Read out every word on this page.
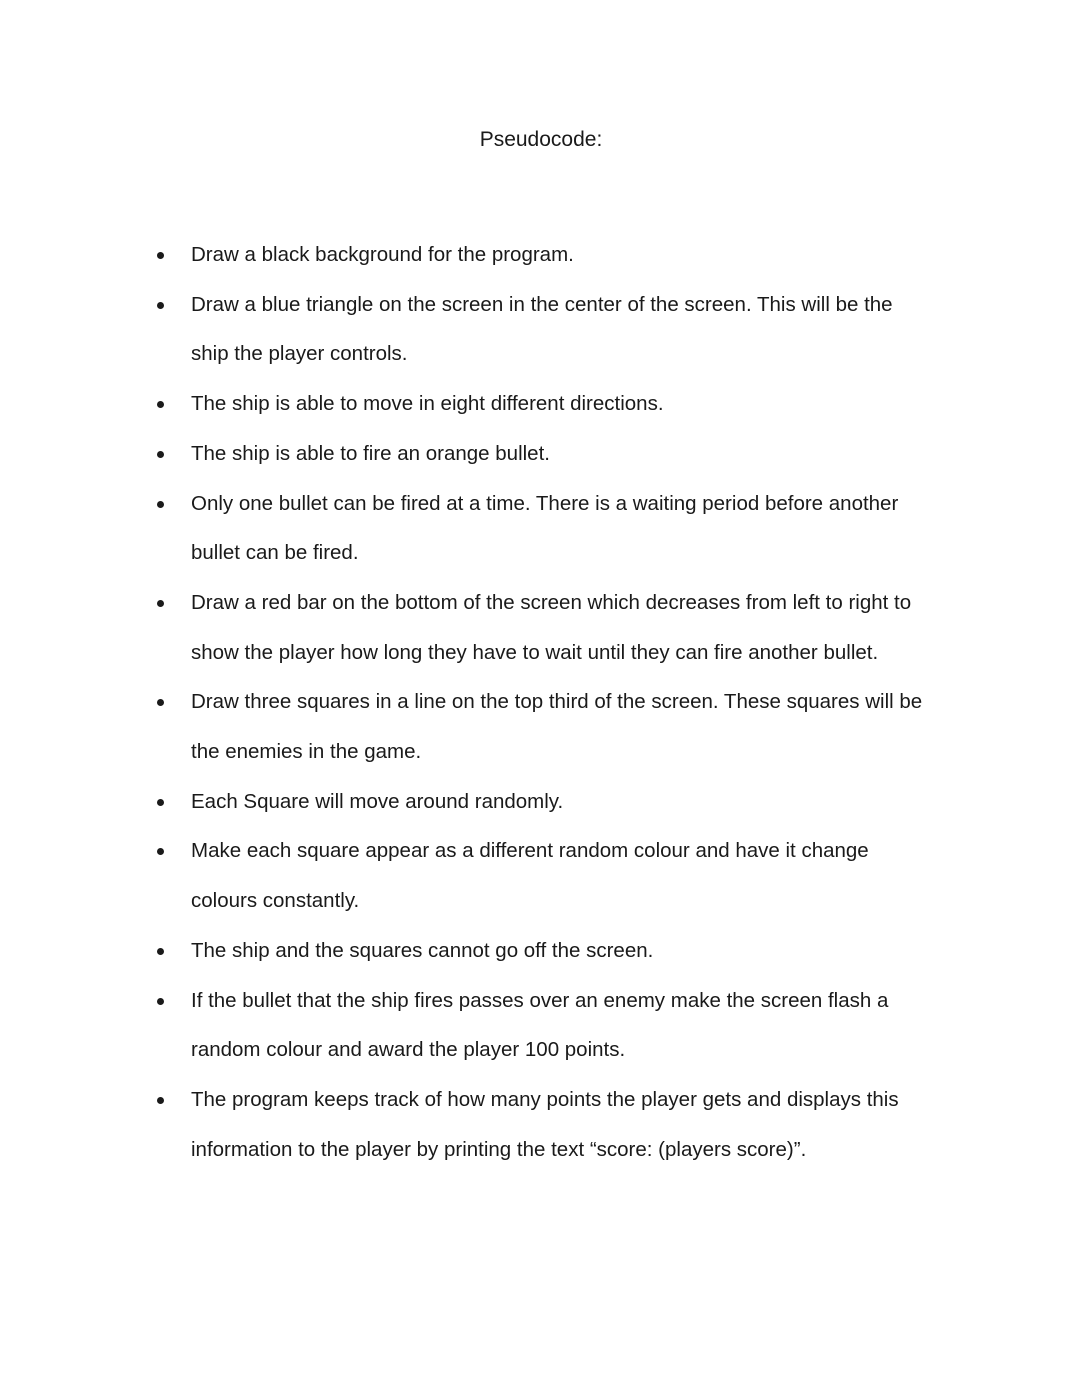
Pseudocode:
Draw a black background for the program.
Draw a blue triangle on the screen in the center of the screen. This will be the
ship the player controls.
The ship is able to move in eight different directions.
The ship is able to fire an orange bullet.
Only one bullet can be fired at a time. There is a waiting period before another
bullet can be fired.
Draw a red bar on the bottom of the screen which decreases from left to right to
show the player how long they have to wait until they can fire another bullet.
Draw three squares in a line on the top third of the screen. These squares will be
the enemies in the game.
Each Square will move around randomly.
Make each square appear as a different random colour and have it change
colours constantly.
The ship and the squares cannot go off the screen.
If the bullet that the ship fires passes over an enemy make the screen flash a
random colour and award the player 100 points.
The program keeps track of how many points the player gets and displays this
information to the player by printing the text “score: (players score)”.
